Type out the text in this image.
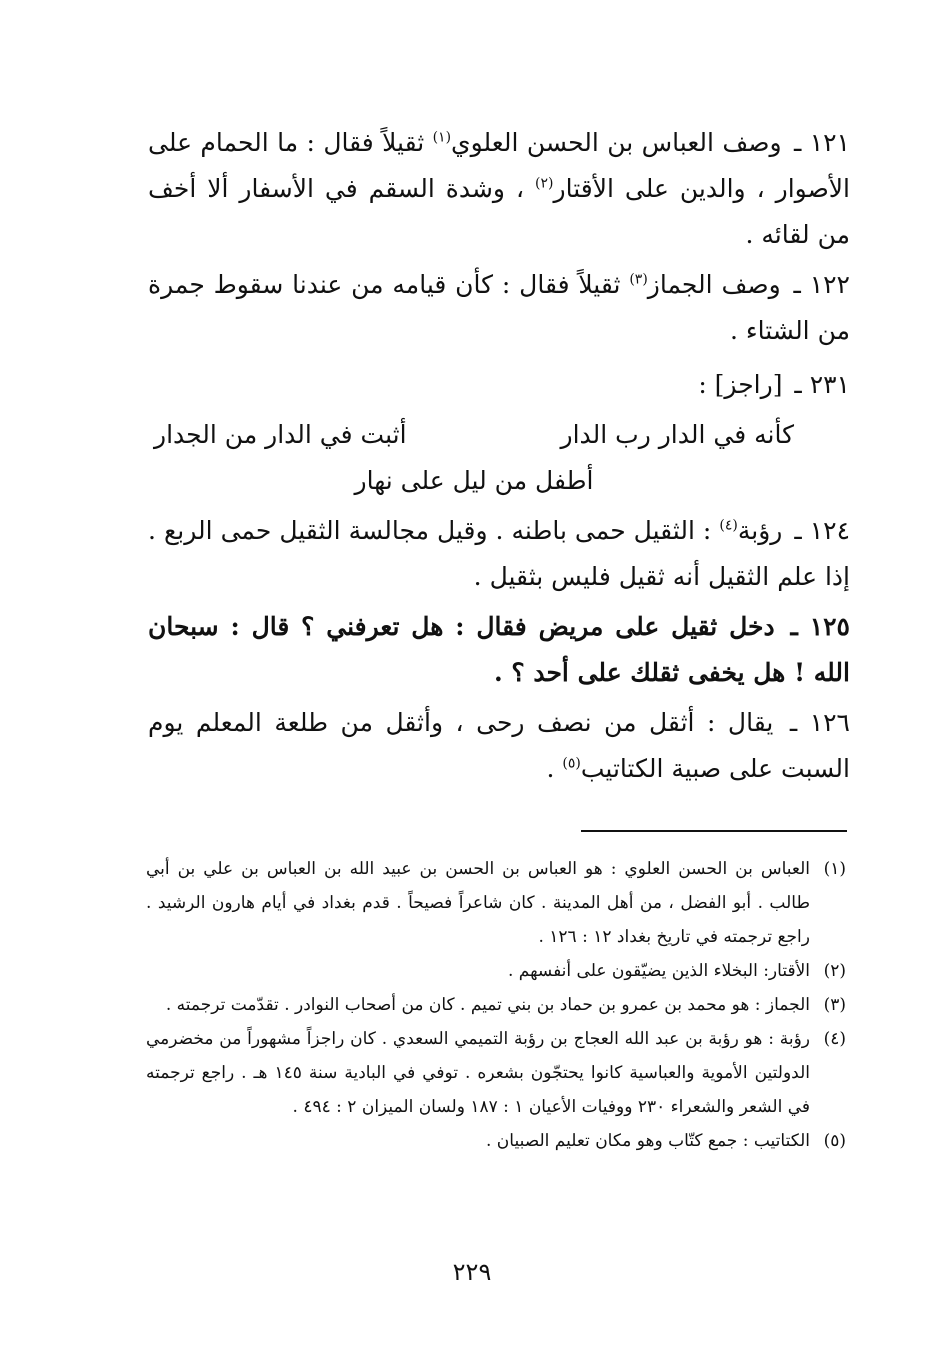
١٢١ ـ وصف العباس بن الحسن العلوي$^{(١)}$ ثقيلاً فقال : ما الحمام على الأصوار ، والدين على الأقتار$^{(٢)}$ ، وشدة السقم في الأسفار ألا أخف من لقائه .
١٢٢ ـ وصف الجماز$^{(٣)}$ ثقيلاً فقال : كأن قيامه من عندنا سقوط جمرة من الشتاء .
٢٣١ ـ [راجز] :
كأنه في الدار رب الدار
أثبت في الدار من الجدار
أطفل من ليل على نهار
١٢٤ ـ رؤبة$^{(٤)}$ : الثقيل حمى باطنه . وقيل مجالسة الثقيل حمى الربع . إذا علم الثقيل أنه ثقيل فليس بثقيل .
١٢٥ ـ دخل ثقيل على مريض فقال : هل تعرفني ؟ قال : سبحان الله ! هل يخفى ثقلك على أحد ؟ .
١٢٦ ـ يقال : أثقل من نصف رحى ، وأثقل من طلعة المعلم يوم السبت على صبية الكتاتيب$^{(٥)}$ .
(١)العباس بن الحسن العلوي : هو العباس بن الحسن بن عبيد الله بن العباس بن علي بن أبي طالب . أبو الفضل ، من أهل المدينة . كان شاعراً فصيحاً . قدم بغداد في أيام هارون الرشيد . راجع ترجمته في تاريخ بغداد ١٢ : ١٢٦ .
(٢)الأقتار: البخلاء الذين يضيّقون على أنفسهم .
(٣)الجماز : هو محمد بن عمرو بن حماد بن بني تميم . كان من أصحاب النوادر . تقدّمت ترجمته .
(٤)رؤبة : هو رؤبة بن عبد الله العجاج بن رؤبة التميمي السعدي . كان راجزاً مشهوراً من مخضرمي الدولتين الأموية والعباسية كانوا يحتجّون بشعره . توفي في البادية سنة ١٤٥ هـ . راجع ترجمته في الشعر والشعراء ٢٣٠ ووفيات الأعيان ١ : ١٨٧ ولسان الميزان ٢ : ٤٩٤ .
(٥)الكتاتيب : جمع كتّاب وهو مكان تعليم الصبيان .
٢٢٩
